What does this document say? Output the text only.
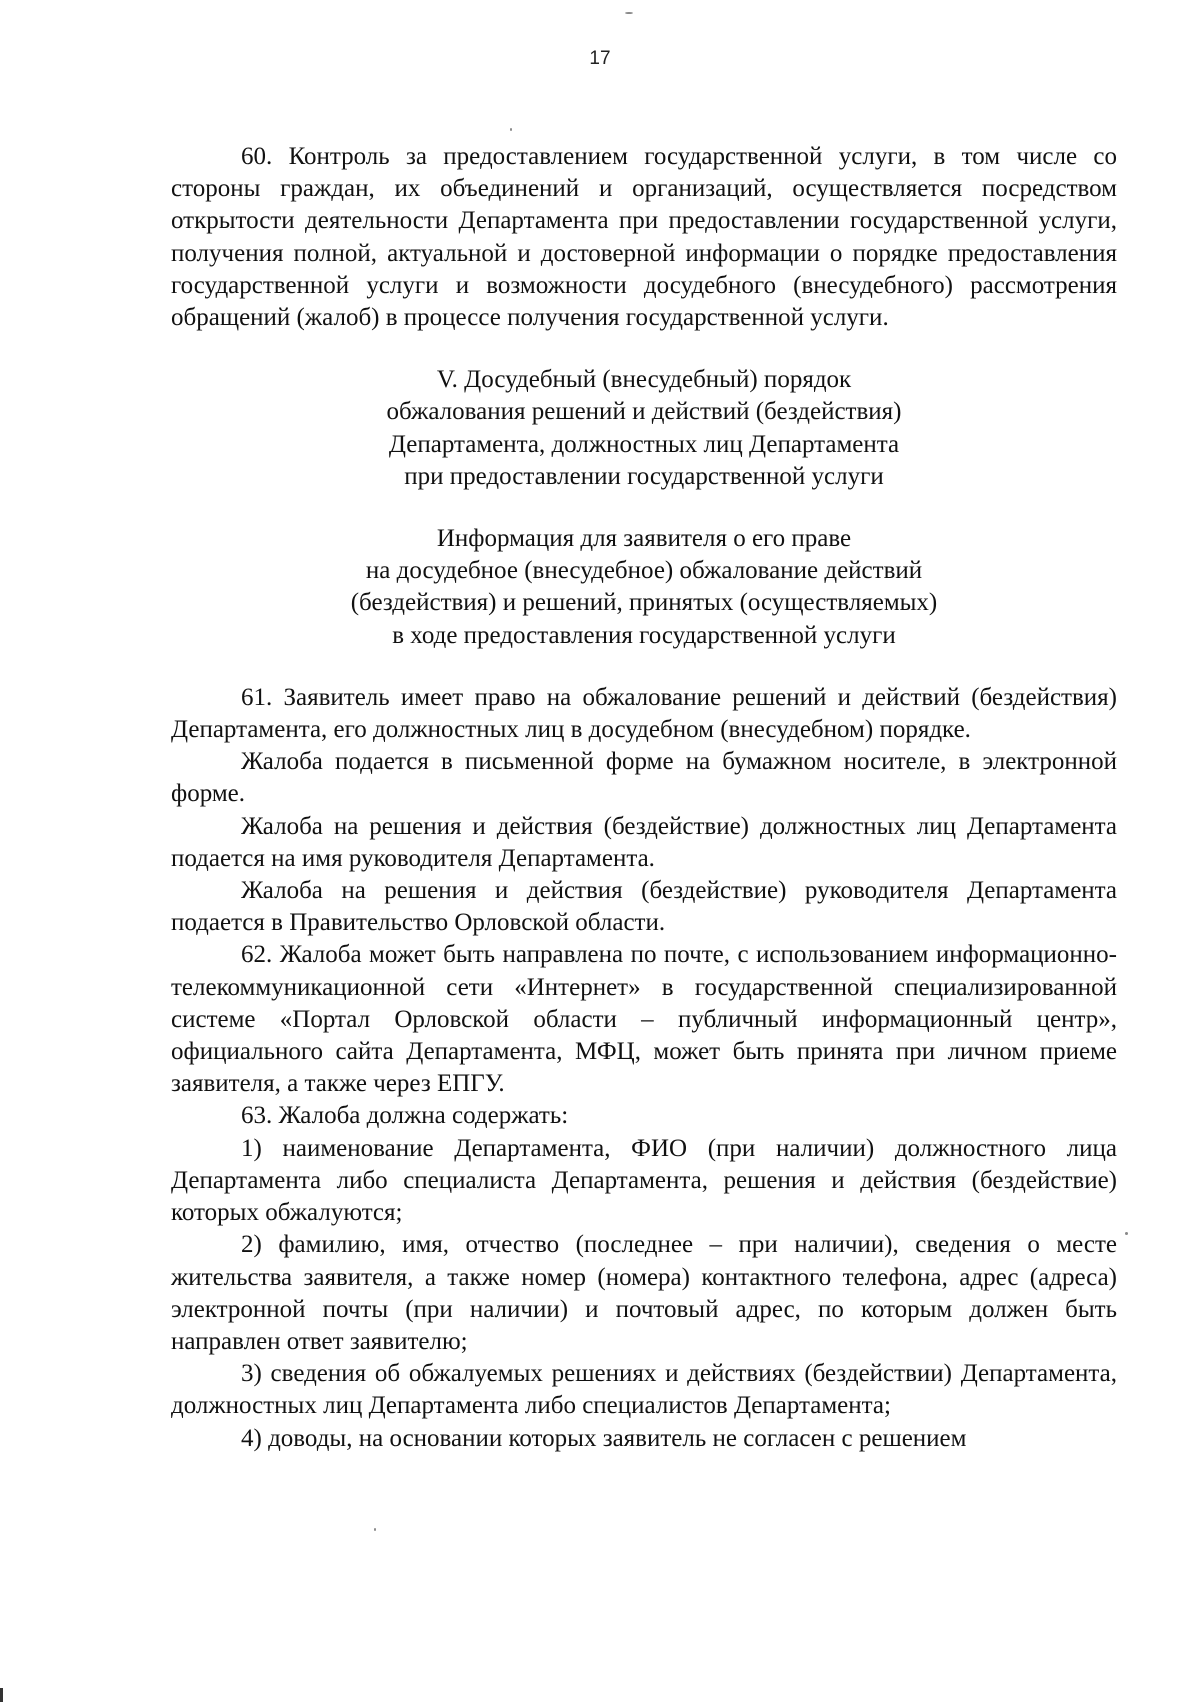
17

60. Контроль за предоставлением государственной услуги, в том числе со стороны граждан, их объединений и организаций, осуществляется посредством открытости деятельности Департамента при предоставлении государственной услуги, получения полной, актуальной и достоверной информации о порядке предоставления государственной услуги и возможности досудебного (внесудебного) рассмотрения обращений (жалоб) в процессе получения государственной услуги.

V. Досудебный (внесудебный) порядок
обжалования решений и действий (бездействия)
Департамента, должностных лиц Департамента
при предоставлении государственной услуги
Информация для заявителя о его праве
на досудебное (внесудебное) обжалование действий
(бездействия) и решений, принятых (осуществляемых)
в ходе предоставления государственной услуги

61. Заявитель имеет право на обжалование решений и действий (бездействия) Департамента, его должностных лиц в досудебном (внесудебном) порядке.

Жалоба подается в письменной форме на бумажном носителе, в электронной форме.

Жалоба на решения и действия (бездействие) должностных лиц Департамента подается на имя руководителя Департамента.

Жалоба на решения и действия (бездействие) руководителя Департамента подается в Правительство Орловской области.

62. Жалоба может быть направлена по почте, с использованием информационно-телекоммуникационной сети «Интернет» в государственной специализированной системе «Портал Орловской области – публичный информационный центр», официального сайта Департамента, МФЦ, может быть принята при личном приеме заявителя, а также через ЕПГУ.

63. Жалоба должна содержать:

1) наименование Департамента, ФИО (при наличии) должностного лица Департамента либо специалиста Департамента, решения и действия (бездействие) которых обжалуются;

2) фамилию, имя, отчество (последнее – при наличии), сведения о месте жительства заявителя, а также номер (номера) контактного телефона, адрес (адреса) электронной почты (при наличии) и почтовый адрес, по которым должен быть направлен ответ заявителю;

3) сведения об обжалуемых решениях и действиях (бездействии) Департамента, должностных лиц Департамента либо специалистов Департамента;

4) доводы, на основании которых заявитель не согласен с решением
